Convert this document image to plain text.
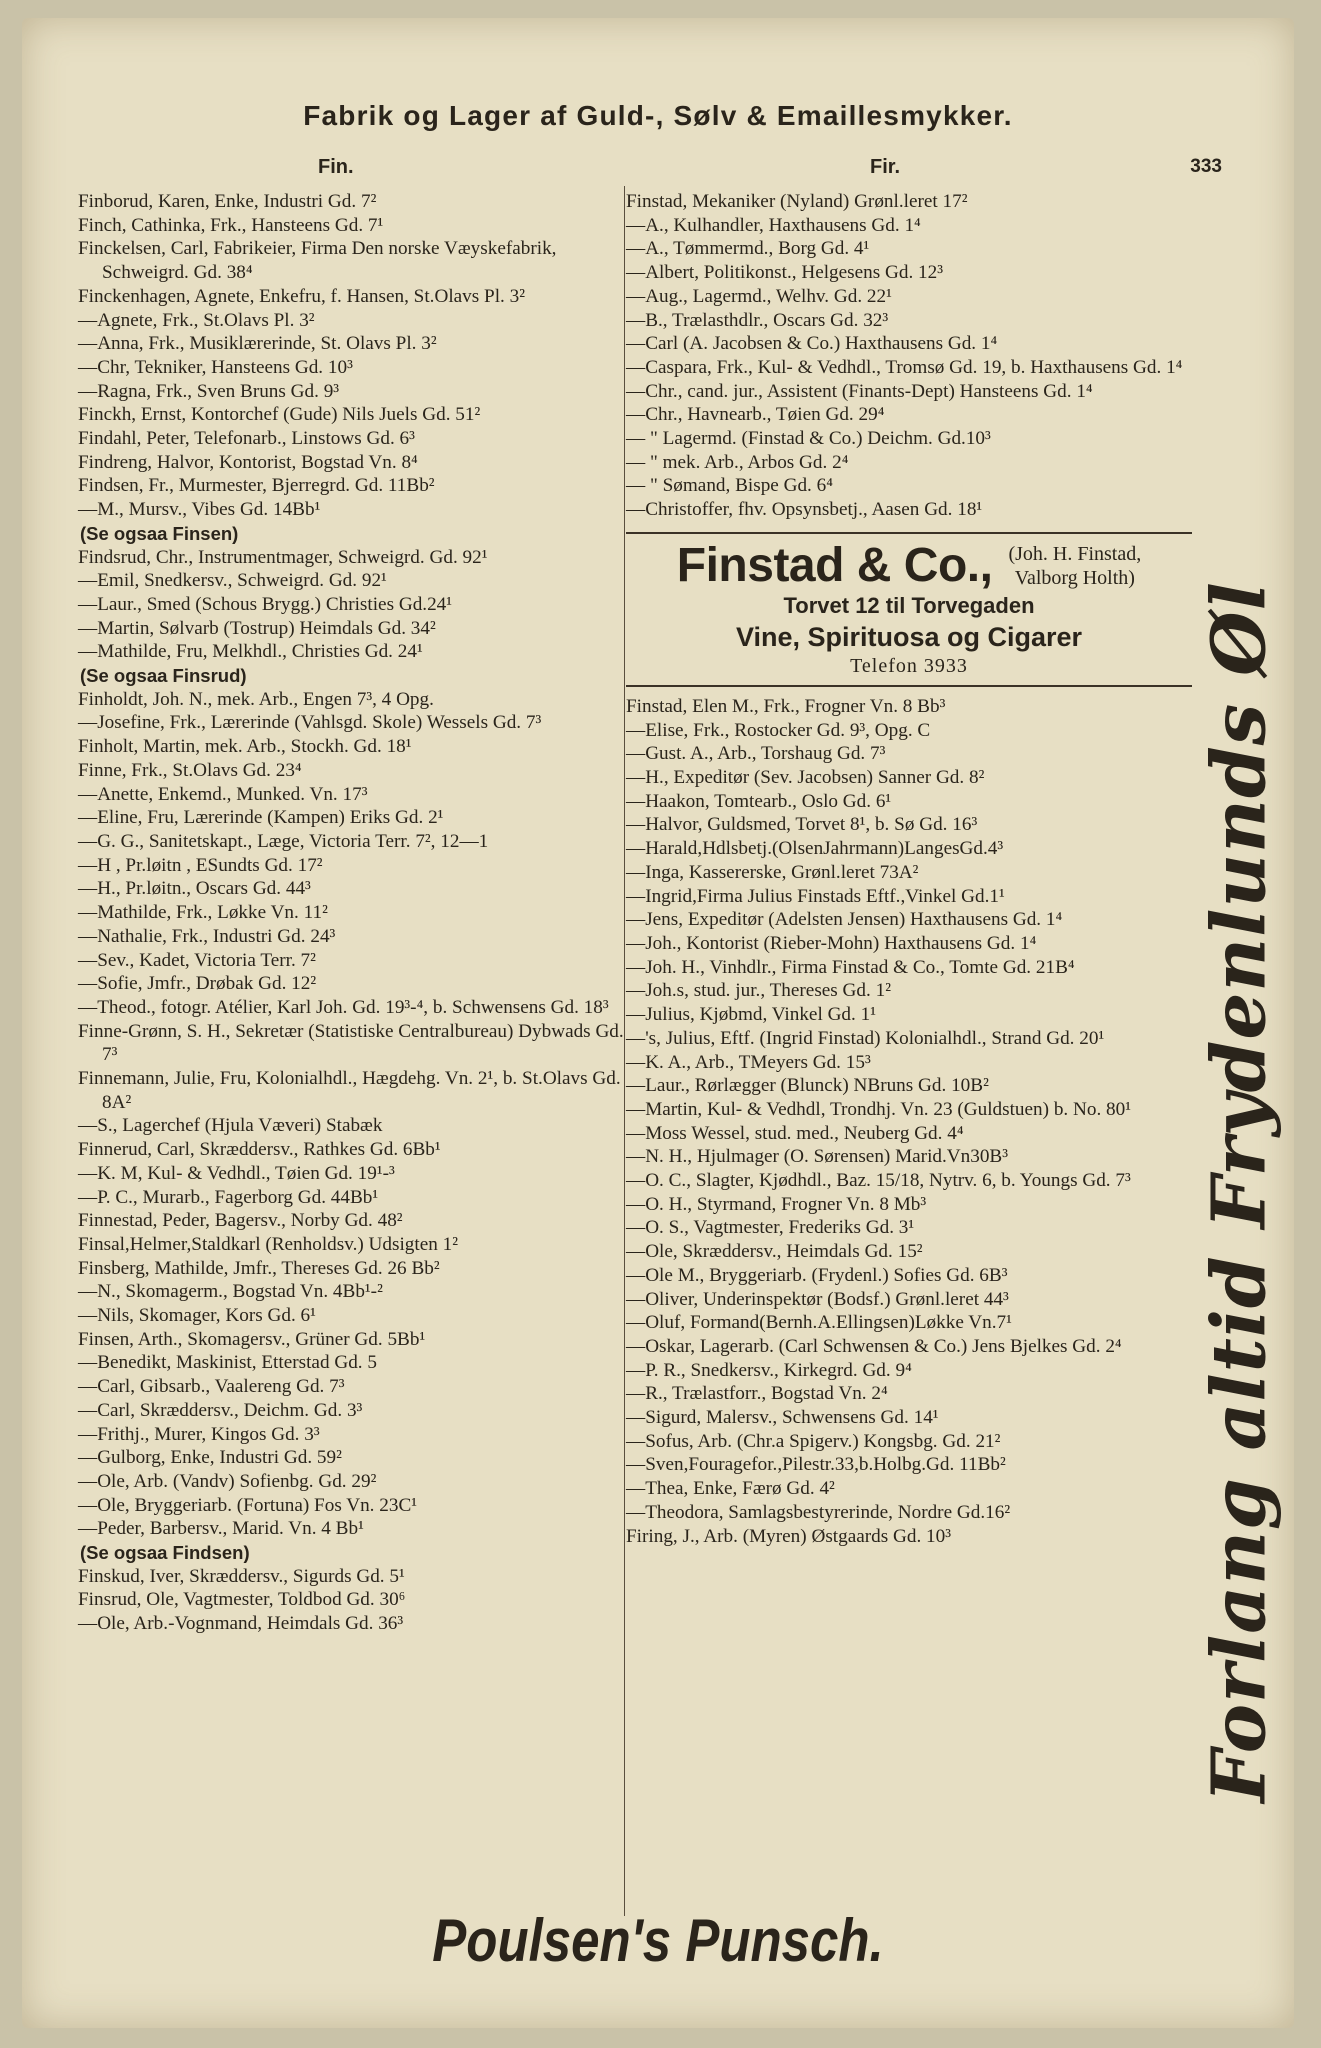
Fabrik og Lager af Guld-, Sølv & Emaillesmykker.
Fin.	Fir.	333
Finborud, Karen, Enke, Industri Gd. 7²
Finch, Cathinka, Frk., Hansteens Gd. 7¹
Finckelsen, Carl, Fabrikeier, Firma Den norske Væyskefabrik, Schweigrd. Gd. 38⁴
Finckenhagen, Agnete, Enkefru, f. Hansen, St.Olavs Pl. 3²
—Agnete, Frk., St.Olavs Pl. 3²
—Anna, Frk., Musiklærerinde, St. Olavs Pl. 3²
—Chr, Tekniker, Hansteens Gd. 10³
—Ragna, Frk., Sven Bruns Gd. 9³
Finckh, Ernst, Kontorchef (Gude) Nils Juels Gd. 51²
Findahl, Peter, Telefonarb., Linstows Gd. 6³
Findreng, Halvor, Kontorist, Bogstad Vn. 8⁴
Findsen, Fr., Murmester, Bjerregrd. Gd. 11Bb²
—M., Mursv., Vibes Gd. 14Bb¹
(Se ogsaa Finsen)
Findsrud, Chr., Instrumentmager, Schweigrd. Gd. 92¹
—Emil, Snedkersv., Schweigrd. Gd. 92¹
—Laur., Smed (Schous Brygg.) Christies Gd.24¹
—Martin, Sølvarb (Tostrup) Heimdals Gd. 34²
—Mathilde, Fru, Melkhdl., Christies Gd. 24¹
(Se ogsaa Finsrud)
Finholdt, Joh. N., mek. Arb., Engen 7³, 4 Opg.
—Josefine, Frk., Lærerinde (Vahlsgd. Skole) Wessels Gd. 7³
Finholt, Martin, mek. Arb., Stockh. Gd. 18¹
Finne, Frk., St.Olavs Gd. 23⁴
—Anette, Enkemd., Munked. Vn. 17³
—Eline, Fru, Lærerinde (Kampen) Eriks Gd. 2¹
—G. G., Sanitetskapt., Læge, Victoria Terr. 7², 12—1
—H , Pr.løitn , ESundts Gd. 17²
—H., Pr.løitn., Oscars Gd. 44³
—Mathilde, Frk., Løkke Vn. 11²
—Nathalie, Frk., Industri Gd. 24³
—Sev., Kadet, Victoria Terr. 7²
—Sofie, Jmfr., Drøbak Gd. 12²
—Theod., fotogr. Atélier, Karl Joh. Gd. 19³-⁴, b. Schwensens Gd. 18³
Finne-Grønn, S. H., Sekretær (Statistiske Centralbureau) Dybwads Gd. 7³
Finnemann, Julie, Fru, Kolonialhdl., Hægdehg. Vn. 2¹, b. St.Olavs Gd. 8A²
—S., Lagerchef (Hjula Væveri) Stabæk
Finnerud, Carl, Skræddersv., Rathkes Gd. 6Bb¹
—K. M, Kul- & Vedhdl., Tøien Gd. 19¹-³
—P. C., Murarb., Fagerborg Gd. 44Bb¹
Finnestad, Peder, Bagersv., Norby Gd. 48²
Finsal,Helmer,Staldkarl (Renholdsv.) Udsigten 1²
Finsberg, Mathilde, Jmfr., Thereses Gd. 26 Bb²
—N., Skomagerm., Bogstad Vn. 4Bb¹-²
—Nils, Skomager, Kors Gd. 6¹
Finsen, Arth., Skomagersv., Grüner Gd. 5Bb¹
—Benedikt, Maskinist, Etterstad Gd. 5
—Carl, Gibsarb., Vaalereng Gd. 7³
—Carl, Skræddersv., Deichm. Gd. 3³
—Frithj., Murer, Kingos Gd. 3³
—Gulborg, Enke, Industri Gd. 59²
—Ole, Arb. (Vandv) Sofienbg. Gd. 29²
—Ole, Bryggeriarb. (Fortuna) Fos Vn. 23C¹
—Peder, Barbersv., Marid. Vn. 4 Bb¹
(Se ogsaa Findsen)
Finskud, Iver, Skræddersv., Sigurds Gd. 5¹
Finsrud, Ole, Vagtmester, Toldbod Gd. 30⁶
—Ole, Arb.-Vognmand, Heimdals Gd. 36³
Finstad, Mekaniker (Nyland) Grønl.leret 17²
—A., Kulhandler, Haxthausens Gd. 1⁴
—A., Tømmermd., Borg Gd. 4¹
—Albert, Politikonst., Helgesens Gd. 12³
—Aug., Lagermd., Welhv. Gd. 22¹
—B., Trælasthdlr., Oscars Gd. 32³
—Carl (A. Jacobsen & Co.) Haxthausens Gd. 1⁴
—Caspara, Frk., Kul- & Vedhdl., Tromsø Gd. 19, b. Haxthausens Gd. 1⁴
—Chr., cand. jur., Assistent (Finants-Dept) Hansteens Gd. 1⁴
—Chr., Havnearb., Tøien Gd. 29⁴
— " Lagermd. (Finstad & Co.) Deichm. Gd.10³
— " mek. Arb., Arbos Gd. 2⁴
— " Sømand, Bispe Gd. 6⁴
—Christoffer, fhv. Opsynsbetj., Aasen Gd. 18¹
Finstad & Co., (Joh. H. Finstad,
Valborg Holth)
Torvet 12 til Torvegaden
Vine, Spirituosa og Cigarer
Telefon 3933
Finstad, Elen M., Frk., Frogner Vn. 8 Bb³
—Elise, Frk., Rostocker Gd. 9³, Opg. C
—Gust. A., Arb., Torshaug Gd. 7³
—H., Expeditør (Sev. Jacobsen) Sanner Gd. 8²
—Haakon, Tomtearb., Oslo Gd. 6¹
—Halvor, Guldsmed, Torvet 8¹, b. Sø Gd. 16³
—Harald,Hdlsbetj.(OlsenJahrmann)LangesGd.4³
—Inga, Kassererske, Grønl.leret 73A²
—Ingrid,Firma Julius Finstads Eftf.,Vinkel Gd.1¹
—Jens, Expeditør (Adelsten Jensen) Haxthausens Gd. 1⁴
—Joh., Kontorist (Rieber-Mohn) Haxthausens Gd. 1⁴
—Joh. H., Vinhdlr., Firma Finstad & Co., Tomte Gd. 21B⁴
—Joh.s, stud. jur., Thereses Gd. 1²
—Julius, Kjøbmd, Vinkel Gd. 1¹
—'s, Julius, Eftf. (Ingrid Finstad) Kolonialhdl., Strand Gd. 20¹
—K. A., Arb., TMeyers Gd. 15³
—Laur., Rørlægger (Blunck) NBruns Gd. 10B²
—Martin, Kul- & Vedhdl, Trondhj. Vn. 23 (Guldstuen) b. No. 80¹
—Moss Wessel, stud. med., Neuberg Gd. 4⁴
—N. H., Hjulmager (O. Sørensen) Marid.Vn30B³
—O. C., Slagter, Kjødhdl., Baz. 15/18, Nytrv. 6, b. Youngs Gd. 7³
—O. H., Styrmand, Frogner Vn. 8 Mb³
—O. S., Vagtmester, Frederiks Gd. 3¹
—Ole, Skræddersv., Heimdals Gd. 15²
—Ole M., Bryggeriarb. (Frydenl.) Sofies Gd. 6B³
—Oliver, Underinspektør (Bodsf.) Grønl.leret 44³
—Oluf, Formand(Bernh.A.Ellingsen)Løkke Vn.7¹
—Oskar, Lagerarb. (Carl Schwensen & Co.) Jens Bjelkes Gd. 2⁴
—P. R., Snedkersv., Kirkegrd. Gd. 9⁴
—R., Trælastforr., Bogstad Vn. 2⁴
—Sigurd, Malersv., Schwensens Gd. 14¹
—Sofus, Arb. (Chr.a Spigerv.) Kongsbg. Gd. 21²
—Sven,Fouragefor.,Pilestr.33,b.Holbg.Gd. 11Bb²
—Thea, Enke, Færø Gd. 4²
—Theodora, Samlagsbestyrerinde, Nordre Gd.16²
Firing, J., Arb. (Myren) Østgaards Gd. 10³	Forlang altid Frydenlunds Øl
Poulsen's Punsch.
